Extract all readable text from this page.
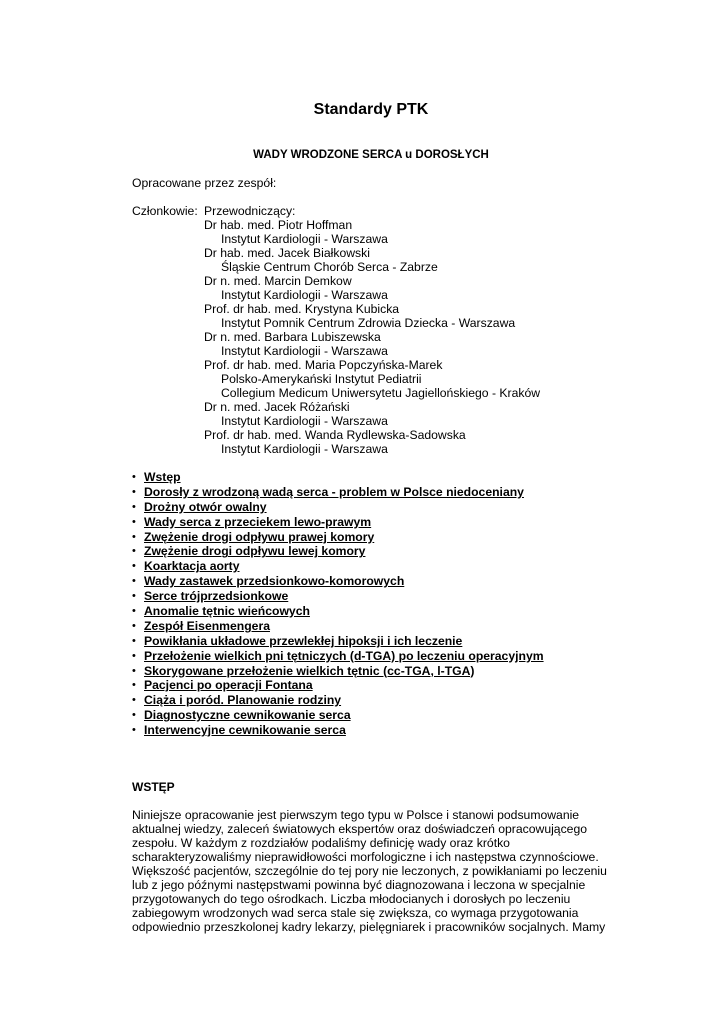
Standardy PTK
WADY WRODZONE SERCA u DOROSŁYCH
Opracowane przez zespół:
Członkowie: Przewodniczący:
Dr hab. med. Piotr Hoffman
Instytut Kardiologii - Warszawa
Dr hab. med. Jacek Białkowski
Śląskie Centrum Chorób Serca - Zabrze
Dr n. med. Marcin Demkow
Instytut Kardiologii - Warszawa
Prof. dr hab. med. Krystyna Kubicka
Instytut Pomnik Centrum Zdrowia Dziecka - Warszawa
Dr n. med. Barbara Lubiszewska
Instytut Kardiologii - Warszawa
Prof. dr hab. med. Maria Popczyńska-Marek
Polsko-Amerykański Instytut Pediatrii
Collegium Medicum Uniwersytetu Jagiellońskiego - Kraków
Dr n. med. Jacek Różański
Instytut Kardiologii - Warszawa
Prof. dr hab. med. Wanda Rydlewska-Sadowska
Instytut Kardiologii - Warszawa
• Wstęp
• Dorosły z wrodzoną wadą serca - problem w Polsce niedoceniany
• Drożny otwór owalny
• Wady serca z przeciekem lewo-prawym
• Zwężenie drogi odpływu prawej komory
• Zwężenie drogi odpływu lewej komory
• Koarktacja aorty
• Wady zastawek przedsionkowo-komorowych
• Serce trójprzedsionkowe
• Anomalie tętnic wieńcowych
• Zespół Eisenmengera
• Powikłania układowe przewlekłej hipoksji i ich leczenie
• Przełożenie wielkich pni tętniczych (d-TGA) po leczeniu operacyjnym
• Skorygowane przełożenie wielkich tętnic (cc-TGA, l-TGA)
• Pacjenci po operacji Fontana
• Ciąża i poród. Planowanie rodziny
• Diagnostyczne cewnikowanie serca
• Interwencyjne cewnikowanie serca
WSTĘP
Niniejsze opracowanie jest pierwszym tego typu w Polsce i stanowi podsumowanie
aktualnej wiedzy, zaleceń światowych ekspertów oraz doświadczeń opracowującego
zespołu. W każdym z rozdziałów podaliśmy definicję wady oraz krótko
scharakteryzowaliśmy nieprawidłowości morfologiczne i ich następstwa czynnościowe.
Większość pacjentów, szczególnie do tej pory nie leczonych, z powikłaniami po leczeniu
lub z jego późnymi następstwami powinna być diagnozowana i leczona w specjalnie
przygotowanych do tego ośrodkach. Liczba młodocianych i dorosłych po leczeniu
zabiegowym wrodzonych wad serca stale się zwiększa, co wymaga przygotowania
odpowiednio przeszkolonej kadry lekarzy, pielęgniarek i pracowników socjalnych. Mamy
